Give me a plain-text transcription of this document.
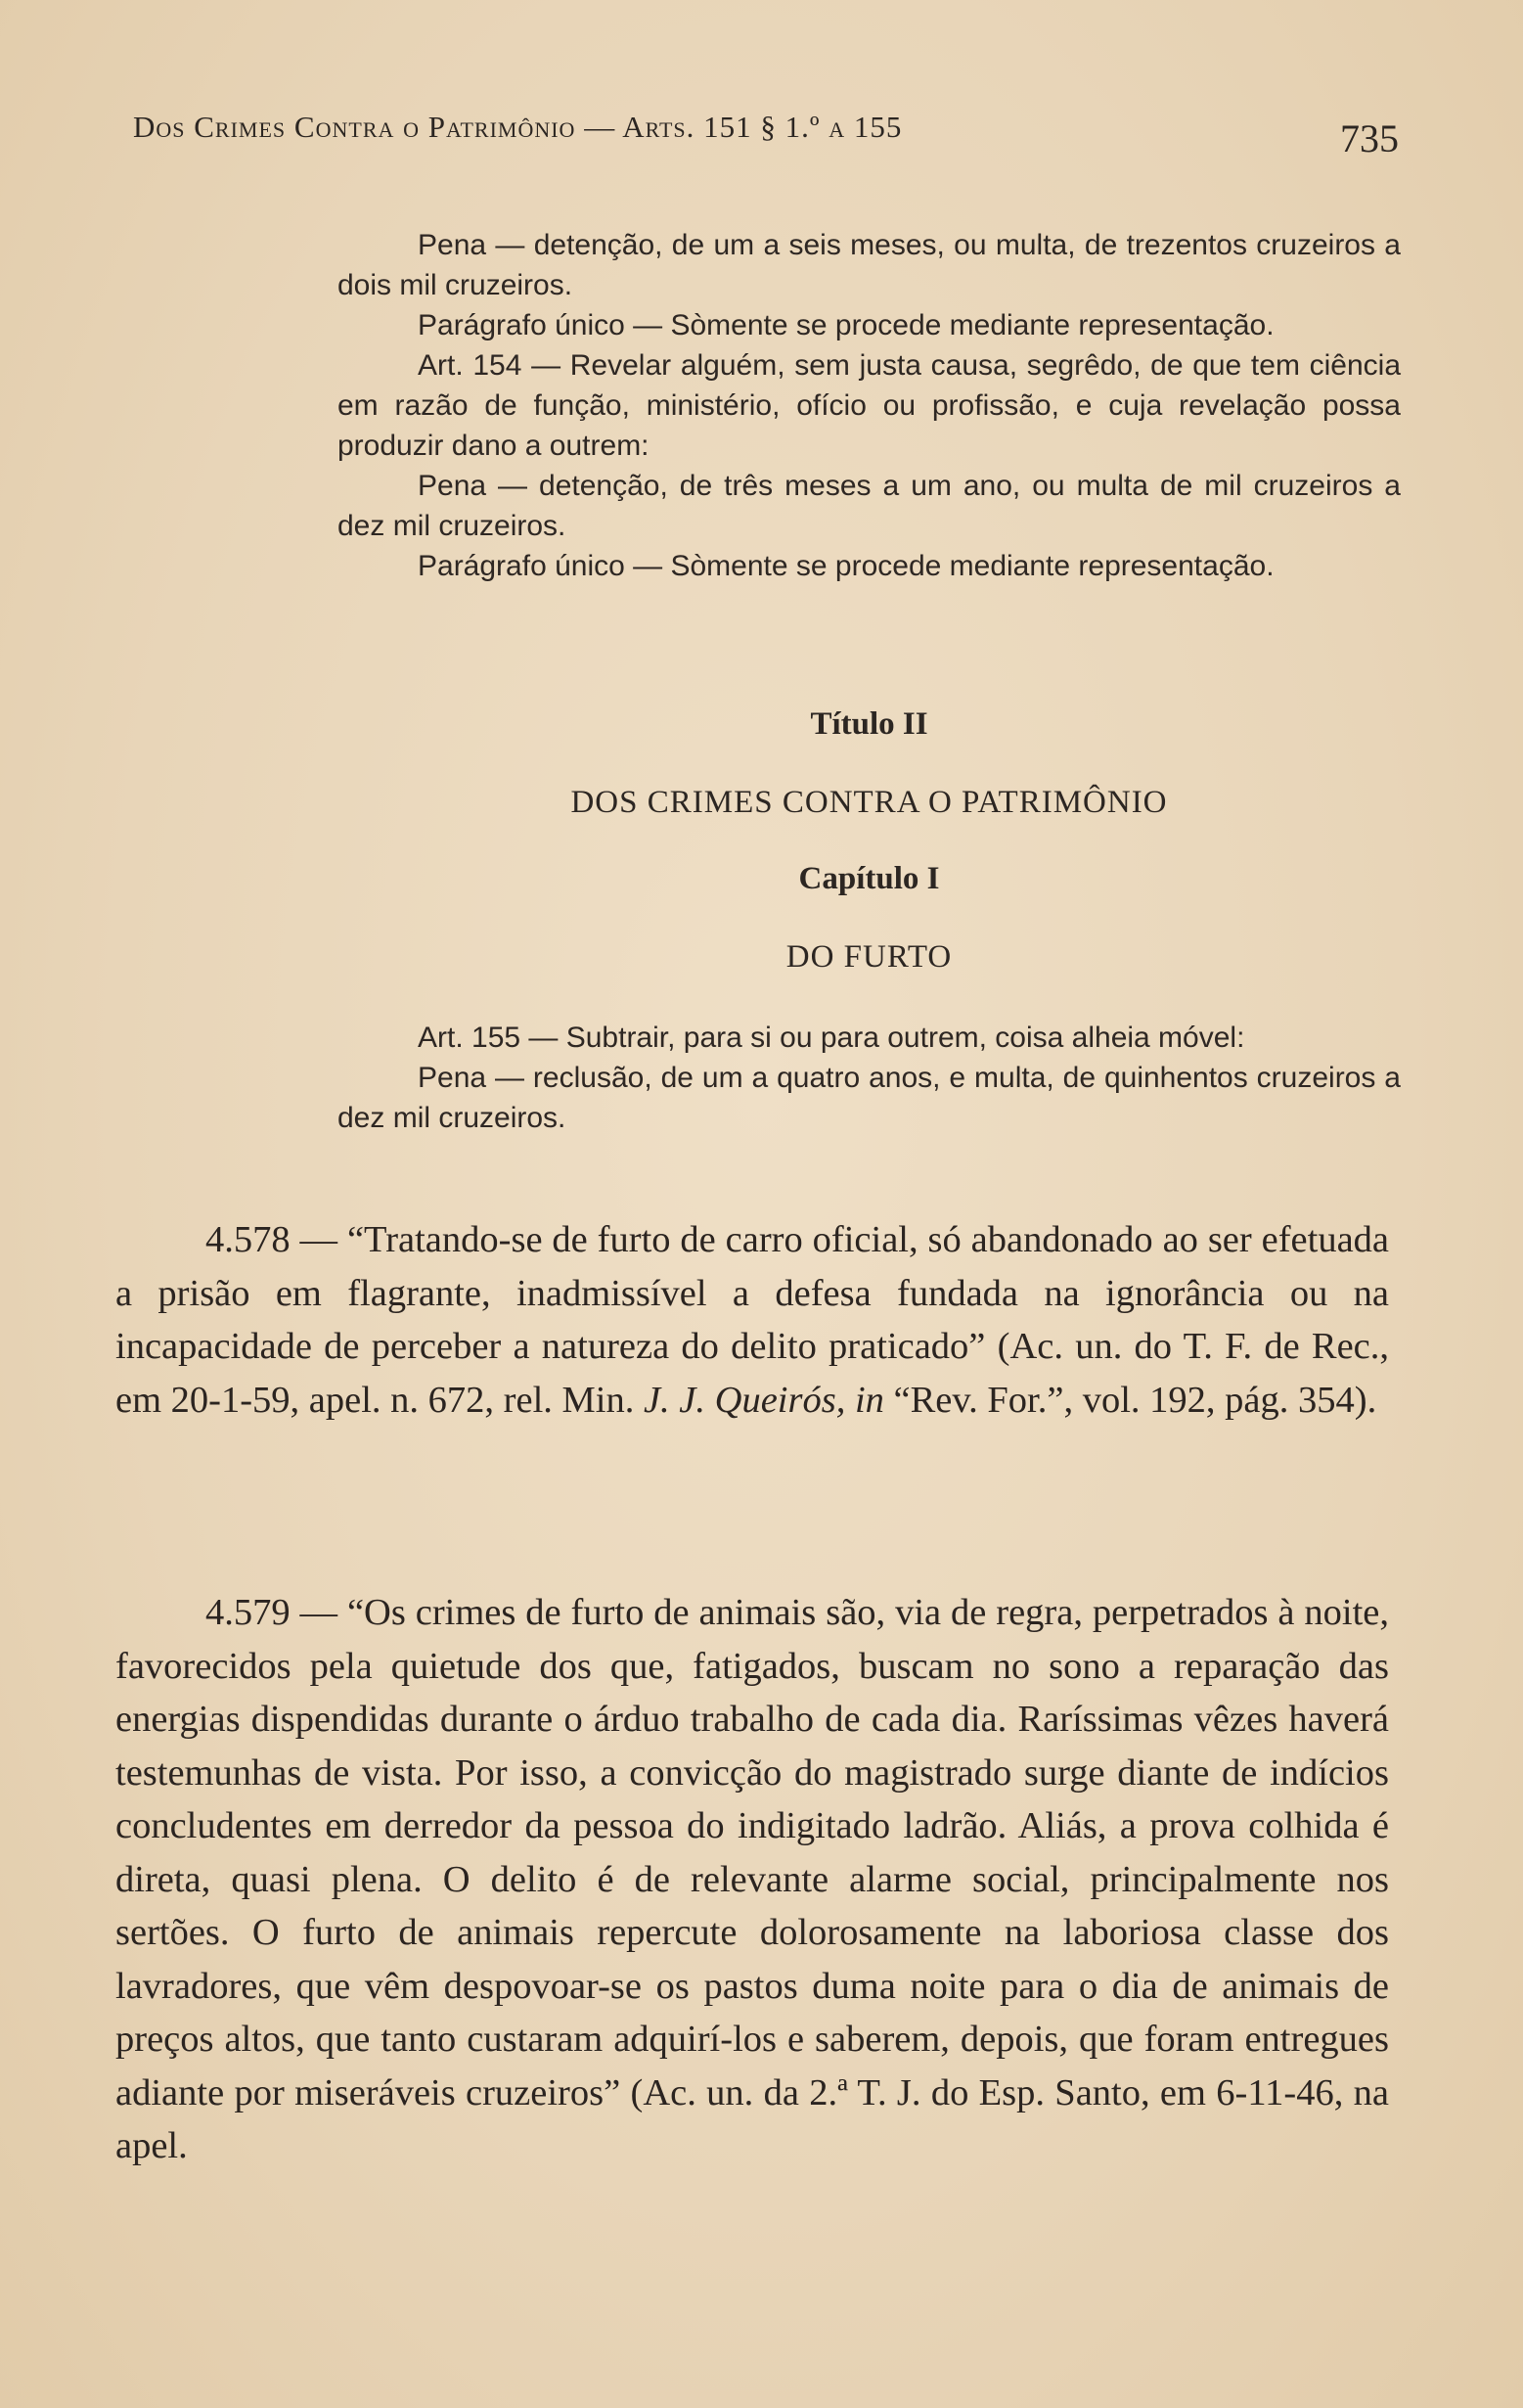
Dos Crimes Contra o Patrimônio — Arts. 151 § 1.º a 155	735

Pena — detenção, de um a seis meses, ou multa, de trezentos cruzeiros a dois mil cruzeiros.

Parágrafo único — Sòmente se procede mediante representação.

Art. 154 — Revelar alguém, sem justa causa, segrêdo, de que tem ciência em razão de função, ministério, ofício ou profissão, e cuja revelação possa produzir dano a outrem:

Pena — detenção, de três meses a um ano, ou multa de mil cruzeiros a dez mil cruzeiros.

Parágrafo único — Sòmente se procede mediante representação.

Título II
DOS CRIMES CONTRA O PATRIMÔNIO
Capítulo I
DO FURTO

Art. 155 — Subtrair, para si ou para outrem, coisa alheia móvel:

Pena — reclusão, de um a quatro anos, e multa, de quinhentos cruzeiros a dez mil cruzeiros.

4.578 — “Tratando-se de furto de carro oficial, só abandonado ao ser efetuada a prisão em flagrante, inadmissível a defesa fundada na ignorância ou na incapacidade de perceber a natureza do delito praticado” (Ac. un. do T. F. de Rec., em 20-1-59, apel. n. 672, rel. Min. J. J. Queirós, in “Rev. For.”, vol. 192, pág. 354).

4.579 — “Os crimes de furto de animais são, via de regra, perpetrados à noite, favorecidos pela quietude dos que, fatigados, buscam no sono a reparação das energias dispendidas durante o árduo trabalho de cada dia. Raríssimas vêzes haverá testemunhas de vista. Por isso, a convicção do magistrado surge diante de indícios concludentes em derredor da pessoa do indigitado ladrão. Aliás, a prova colhida é direta, quasi plena. O delito é de relevante alarme social, principalmente nos sertões. O furto de animais repercute dolorosamente na laboriosa classe dos lavradores, que vêm despovoar-se os pastos duma noite para o dia de animais de preços altos, que tanto custaram adquirí-los e saberem, depois, que foram entregues adiante por miseráveis cruzeiros” (Ac. un. da 2.ª T. J. do Esp. Santo, em 6-11-46, na apel.
